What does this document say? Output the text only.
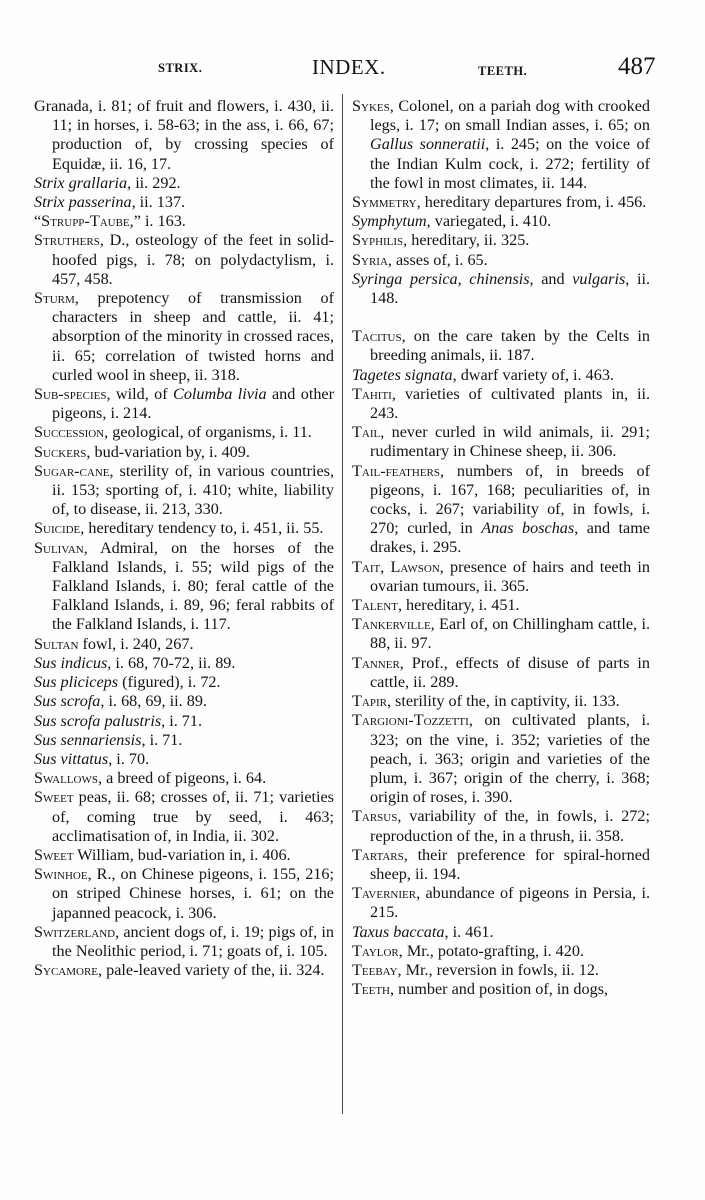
STRIX.	INDEX.	TEETH.	487
Granada, i. 81; of fruit and flowers, i. 430, ii. 11; in horses, i. 58-63; in the ass, i. 66, 67; production of, by crossing species of Equidæ, ii. 16, 17.
Strix grallaria, ii. 292.
Strix passerina, ii. 137.
“Strupp-Taube,” i. 163.
Struthers, D., osteology of the feet in solid-hoofed pigs, i. 78; on polydactylism, i. 457, 458.
Sturm, prepotency of transmission of characters in sheep and cattle, ii. 41; absorption of the minority in crossed races, ii. 65; correlation of twisted horns and curled wool in sheep, ii. 318.
Sub-species, wild, of Columba livia and other pigeons, i. 214.
Succession, geological, of organisms, i. 11.
Suckers, bud-variation by, i. 409.
Sugar-cane, sterility of, in various countries, ii. 153; sporting of, i. 410; white, liability of, to disease, ii. 213, 330.
Suicide, hereditary tendency to, i. 451, ii. 55.
Sulivan, Admiral, on the horses of the Falkland Islands, i. 55; wild pigs of the Falkland Islands, i. 80; feral cattle of the Falkland Islands, i. 89, 96; feral rabbits of the Falkland Islands, i. 117.
Sultan fowl, i. 240, 267.
Sus indicus, i. 68, 70-72, ii. 89.
Sus pliciceps (figured), i. 72.
Sus scrofa, i. 68, 69, ii. 89.
Sus scrofa palustris, i. 71.
Sus sennariensis, i. 71.
Sus vittatus, i. 70.
Swallows, a breed of pigeons, i. 64.
Sweet peas, ii. 68; crosses of, ii. 71; varieties of, coming true by seed, i. 463; acclimatisation of, in India, ii. 302.
Sweet William, bud-variation in, i. 406.
Swinhoe, R., on Chinese pigeons, i. 155, 216; on striped Chinese horses, i. 61; on the japanned peacock, i. 306.
Switzerland, ancient dogs of, i. 19; pigs of, in the Neolithic period, i. 71; goats of, i. 105.
Sycamore, pale-leaved variety of the, ii. 324.
Sykes, Colonel, on a pariah dog with crooked legs, i. 17; on small Indian asses, i. 65; on Gallus sonneratii, i. 245; on the voice of the Indian Kulm cock, i. 272; fertility of the fowl in most climates, ii. 144.
Symmetry, hereditary departures from, i. 456.
Symphytum, variegated, i. 410.
Syphilis, hereditary, ii. 325.
Syria, asses of, i. 65.
Syringa persica, chinensis, and vulgaris, ii. 148.
Tacitus, on the care taken by the Celts in breeding animals, ii. 187.
Tagetes signata, dwarf variety of, i. 463.
Tahiti, varieties of cultivated plants in, ii. 243.
Tail, never curled in wild animals, ii. 291; rudimentary in Chinese sheep, ii. 306.
Tail-feathers, numbers of, in breeds of pigeons, i. 167, 168; peculiarities of, in cocks, i. 267; variability of, in fowls, i. 270; curled, in Anas boschas, and tame drakes, i. 295.
Tait, Lawson, presence of hairs and teeth in ovarian tumours, ii. 365.
Talent, hereditary, i. 451.
Tankerville, Earl of, on Chillingham cattle, i. 88, ii. 97.
Tanner, Prof., effects of disuse of parts in cattle, ii. 289.
Tapir, sterility of the, in captivity, ii. 133.
Targioni-Tozzetti, on cultivated plants, i. 323; on the vine, i. 352; varieties of the peach, i. 363; origin and varieties of the plum, i. 367; origin of the cherry, i. 368; origin of roses, i. 390.
Tarsus, variability of the, in fowls, i. 272; reproduction of the, in a thrush, ii. 358.
Tartars, their preference for spiral-horned sheep, ii. 194.
Tavernier, abundance of pigeons in Persia, i. 215.
Taxus baccata, i. 461.
Taylor, Mr., potato-grafting, i. 420.
Teebay, Mr., reversion in fowls, ii. 12.
Teeth, number and position of, in dogs,
